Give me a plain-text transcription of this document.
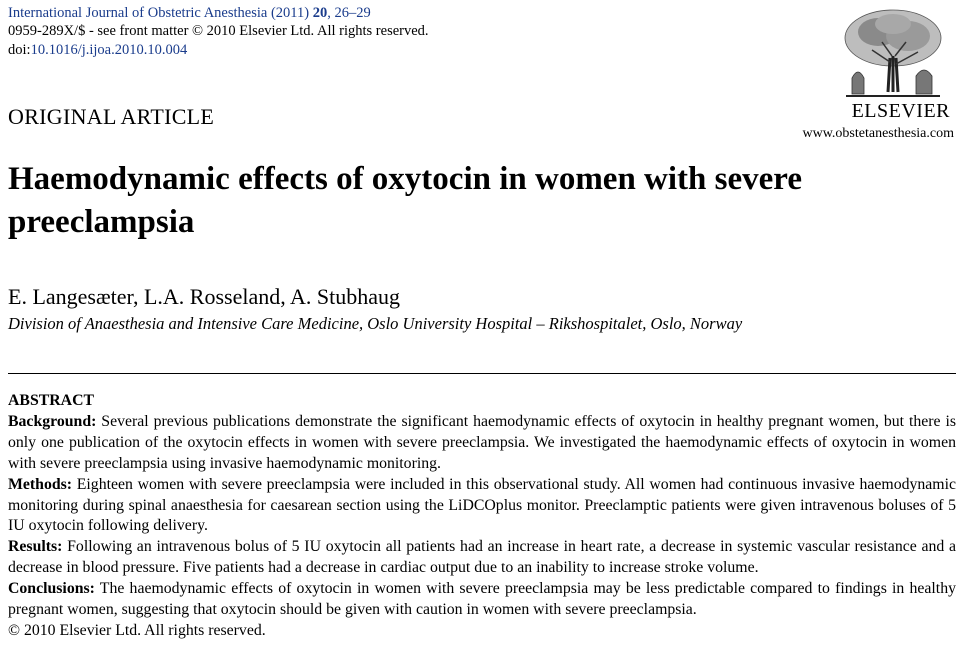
International Journal of Obstetric Anesthesia (2011) 20, 26–29
0959-289X/$ - see front matter © 2010 Elsevier Ltd. All rights reserved.
doi:10.1016/j.ijoa.2010.10.004
ORIGINAL ARTICLE	ELSEVIER
www.obstetanesthesia.com
Haemodynamic effects of oxytocin in women with severe preeclampsia
E. Langesæter, L.A. Rosseland, A. Stubhaug
Division of Anaesthesia and Intensive Care Medicine, Oslo University Hospital – Rikshospitalet, Oslo, Norway

ABSTRACT

Background: Several previous publications demonstrate the significant haemodynamic effects of oxytocin in healthy pregnant women, but there is only one publication of the oxytocin effects in women with severe preeclampsia. We investigated the haemodynamic effects of oxytocin in women with severe preeclampsia using invasive haemodynamic monitoring.

Methods: Eighteen women with severe preeclampsia were included in this observational study. All women had continuous invasive haemodynamic monitoring during spinal anaesthesia for caesarean section using the LiDCOplus monitor. Preeclamptic patients were given intravenous boluses of 5 IU oxytocin following delivery.

Results: Following an intravenous bolus of 5 IU oxytocin all patients had an increase in heart rate, a decrease in systemic vascular resistance and a decrease in blood pressure. Five patients had a decrease in cardiac output due to an inability to increase stroke volume.

Conclusions: The haemodynamic effects of oxytocin in women with severe preeclampsia may be less predictable compared to findings in healthy pregnant women, suggesting that oxytocin should be given with caution in women with severe preeclampsia.

© 2010 Elsevier Ltd. All rights reserved.
